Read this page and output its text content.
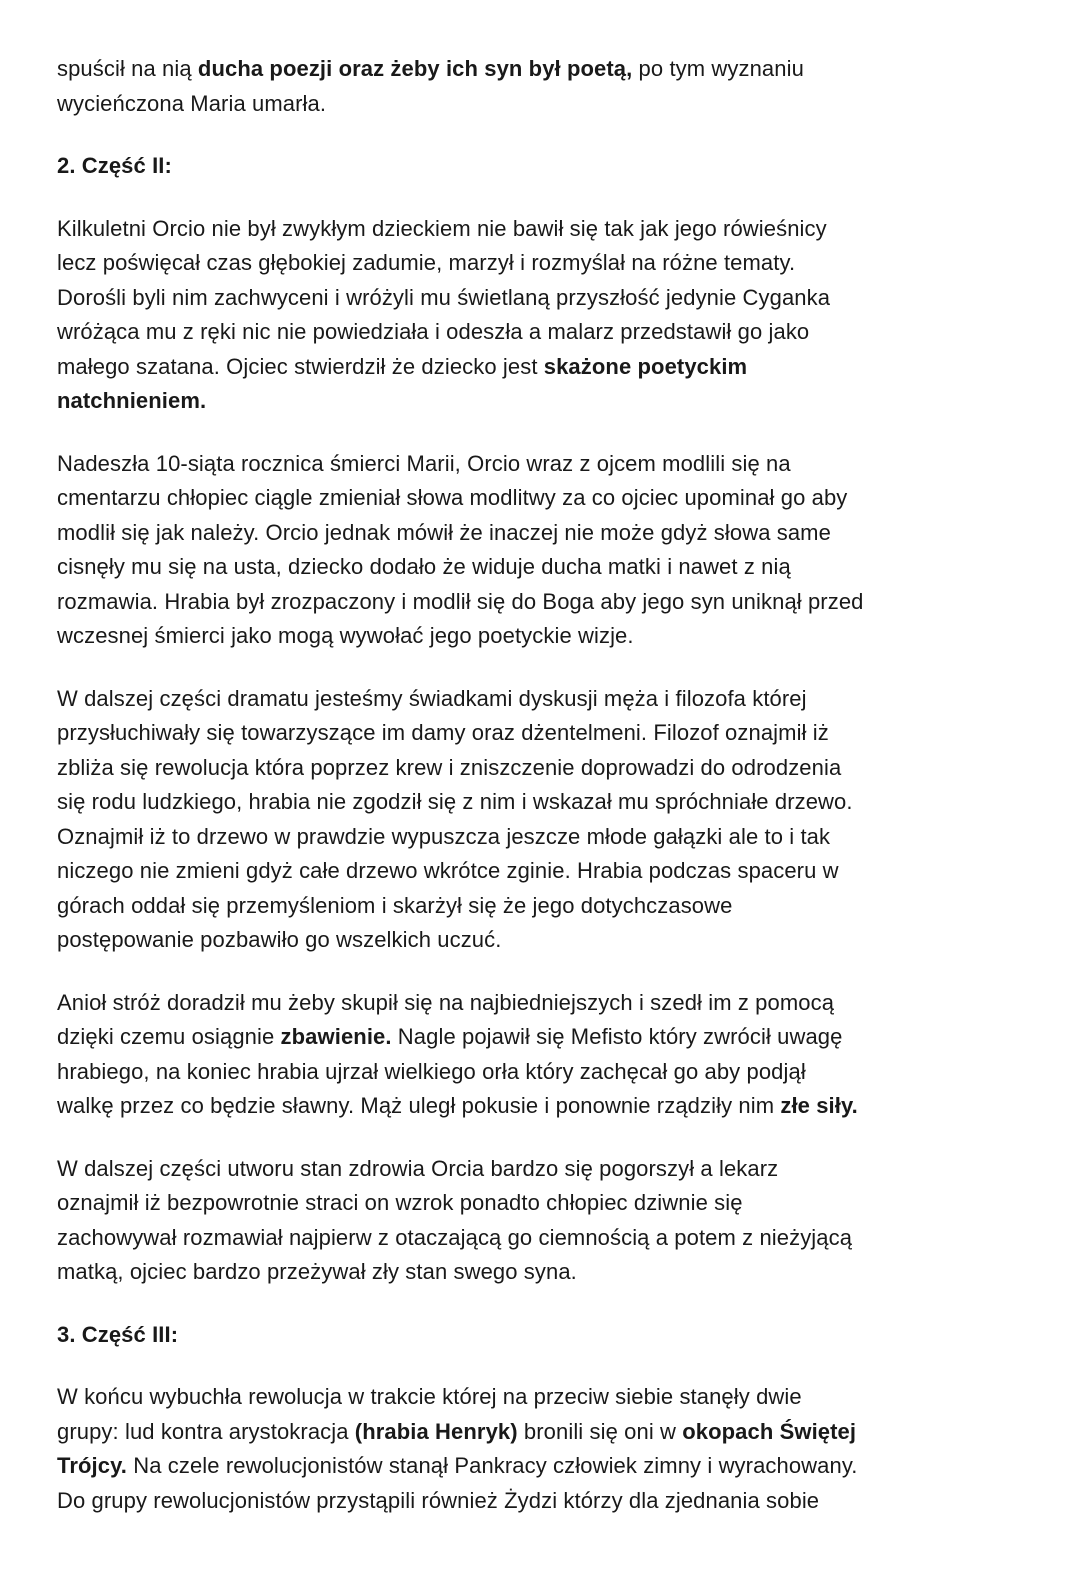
spuścił na nią ducha poezji oraz żeby ich syn był poetą, po tym wyznaniu
wycieńczona Maria umarła.

2. Część II:

Kilkuletni Orcio nie był zwykłym dzieckiem nie bawił się tak jak jego rówieśnicy
lecz poświęcał czas głębokiej zadumie, marzył i rozmyślał na różne tematy.
Dorośli byli nim zachwyceni i wróżyli mu świetlaną przyszłość jedynie Cyganka
wróżąca mu z ręki nic nie powiedziała i odeszła a malarz przedstawił go jako
małego szatana. Ojciec stwierdził że dziecko jest skażone poetyckim
natchnieniem.

Nadeszła 10-siąta rocznica śmierci Marii, Orcio wraz z ojcem modlili się na
cmentarzu chłopiec ciągle zmieniał słowa modlitwy za co ojciec upominał go aby
modlił się jak należy. Orcio jednak mówił że inaczej nie może gdyż słowa same
cisnęły mu się na usta, dziecko dodało że widuje ducha matki i nawet z nią
rozmawia. Hrabia był zrozpaczony i modlił się do Boga aby jego syn uniknął przed
wczesnej śmierci jako mogą wywołać jego poetyckie wizje.

W dalszej części dramatu jesteśmy świadkami dyskusji męża i filozofa której
przysłuchiwały się towarzyszące im damy oraz dżentelmeni. Filozof oznajmił iż
zbliża się rewolucja która poprzez krew i zniszczenie doprowadzi do odrodzenia
się rodu ludzkiego, hrabia nie zgodził się z nim i wskazał mu spróchniałe drzewo.
Oznajmił iż to drzewo w prawdzie wypuszcza jeszcze młode gałązki ale to i tak
niczego nie zmieni gdyż całe drzewo wkrótce zginie. Hrabia podczas spaceru w
górach oddał się przemyśleniom i skarżył się że jego dotychczasowe
postępowanie pozbawiło go wszelkich uczuć.

Anioł stróż doradził mu żeby skupił się na najbiedniejszych i szedł im z pomocą
dzięki czemu osiągnie zbawienie. Nagle pojawił się Mefisto który zwrócił uwagę
hrabiego, na koniec hrabia ujrzał wielkiego orła który zachęcał go aby podjął
walkę przez co będzie sławny. Mąż uległ pokusie i ponownie rządziły nim złe siły.

W dalszej części utworu stan zdrowia Orcia bardzo się pogorszył a lekarz
oznajmił iż bezpowrotnie straci on wzrok ponadto chłopiec dziwnie się
zachowywał rozmawiał najpierw z otaczającą go ciemnością a potem z nieżyjącą
matką, ojciec bardzo przeżywał zły stan swego syna.

3. Część III:

W końcu wybuchła rewolucja w trakcie której na przeciw siebie stanęły dwie
grupy: lud kontra arystokracja (hrabia Henryk) bronili się oni w okopach Świętej
Trójcy. Na czele rewolucjonistów stanął Pankracy człowiek zimny i wyrachowany.
Do grupy rewolucjonistów przystąpili również Żydzi którzy dla zjednania sobie
